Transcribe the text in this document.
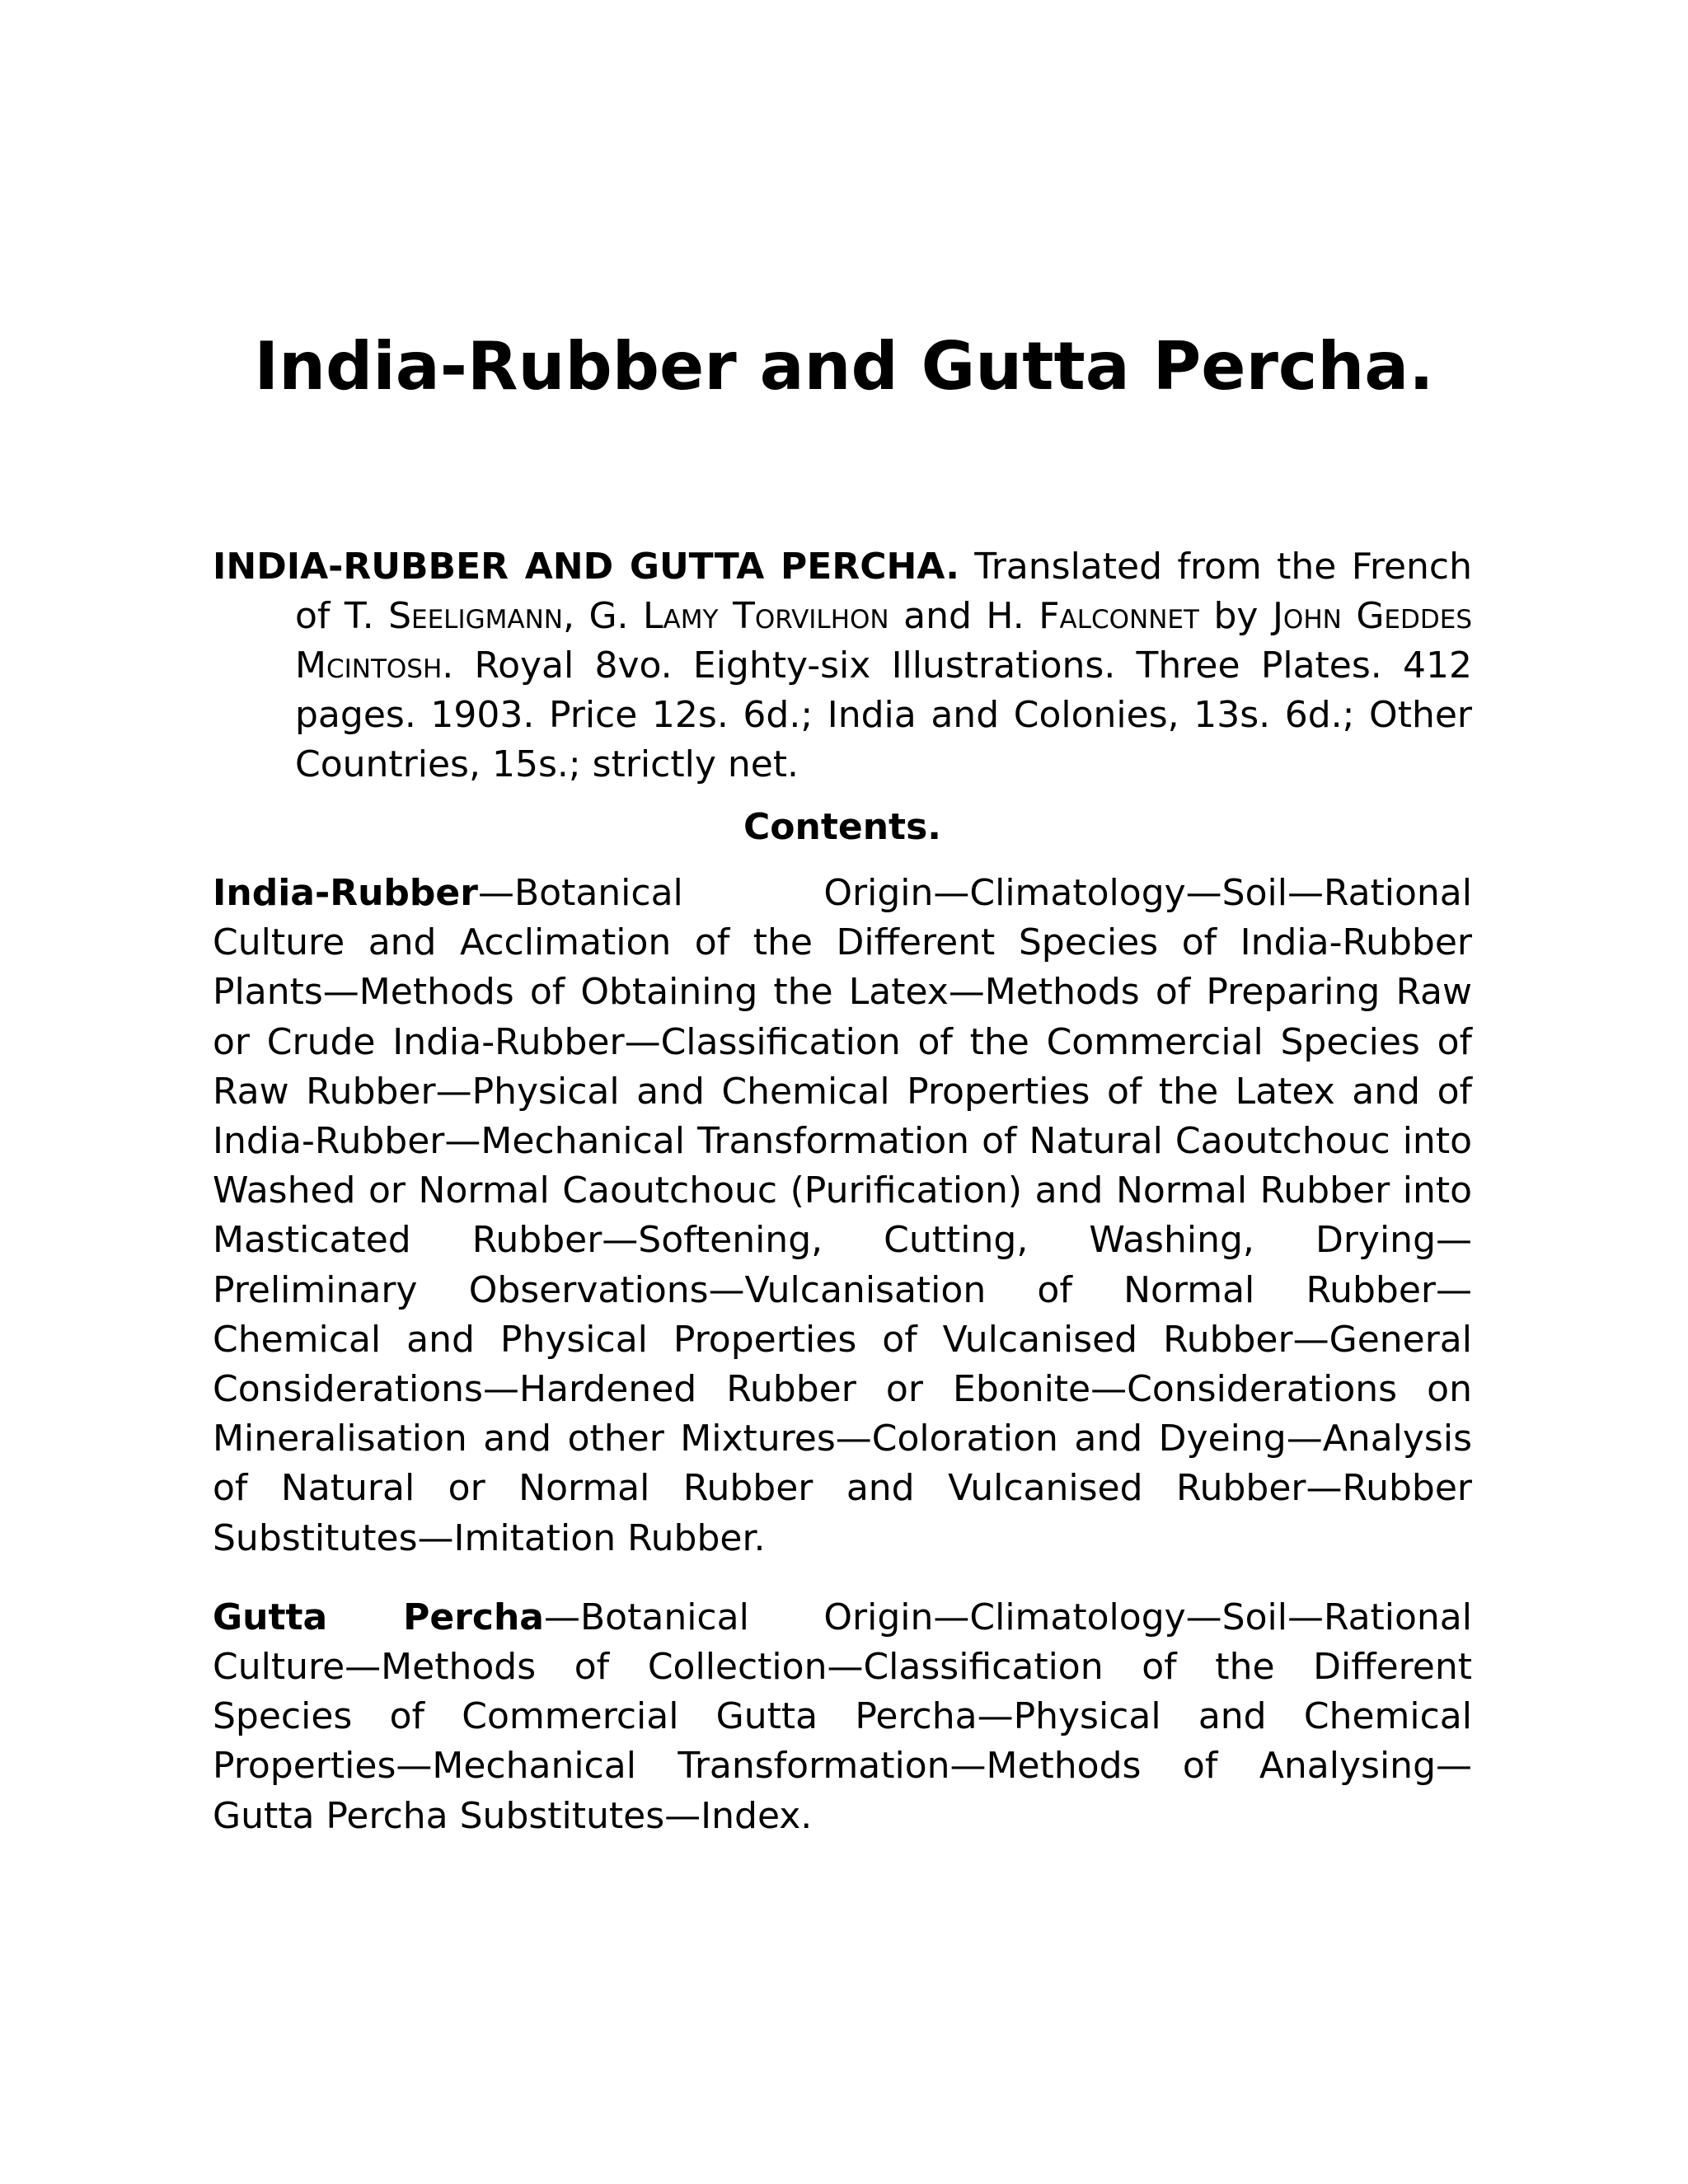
India-Rubber and Gutta Percha.

INDIA-RUBBER AND GUTTA PERCHA. Translated from the French of T. Seeligmann, G. Lamy Torvilhon and H. Falconnet by John Geddes Mcintosh. Royal 8vo. Eighty-six Illustrations. Three Plates. 412 pages. 1903. Price 12s. 6d.; India and Colonies, 13s. 6d.; Other Countries, 15s.; strictly net.

Contents.

India-Rubber—Botanical Origin—Climatology—Soil—Rational Culture and Acclimation of the Different Species of India-Rubber Plants—Methods of Obtaining the Latex—Methods of Preparing Raw or Crude India-Rubber—Classification of the Commercial Species of Raw Rubber—Physical and Chemical Properties of the Latex and of India-Rubber—Mechanical Transformation of Natural Caoutchouc into Washed or Normal Caoutchouc (Purification) and Normal Rubber into Masticated Rubber—Softening, Cutting, Washing, Drying—Preliminary Observations—Vulcanisation of Normal Rubber—Chemical and Physical Properties of Vulcanised Rubber—General Considerations—Hardened Rubber or Ebonite—Considerations on Mineralisation and other Mixtures—Coloration and Dyeing—Analysis of Natural or Normal Rubber and Vulcanised Rubber—Rubber Substitutes—Imitation Rubber.

Gutta Percha—Botanical Origin—Climatology—Soil—Rational Culture—Methods of Collection—Classification of the Different Species of Commercial Gutta Percha—Physical and Chemical Properties—Mechanical Transformation—Methods of Analysing—Gutta Percha Substitutes—Index.
